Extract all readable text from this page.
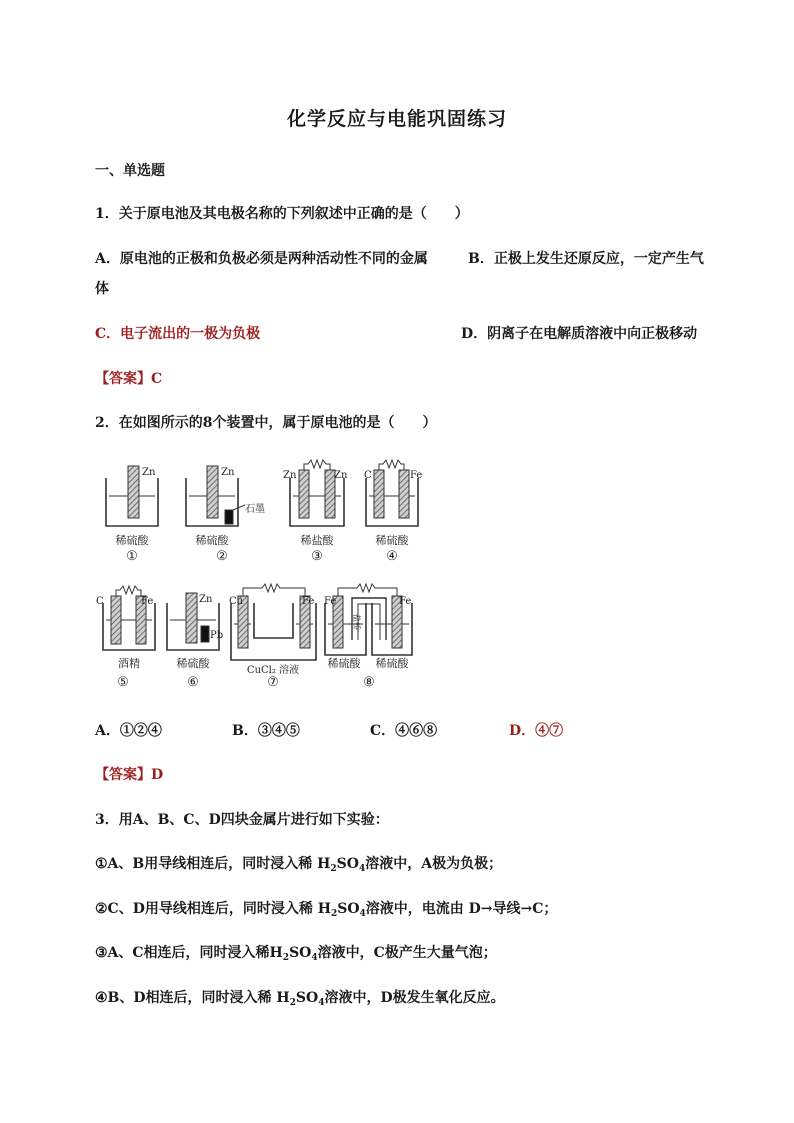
化学反应与电能巩固练习
一、单选题
1．关于原电池及其电极名称的下列叙述中正确的是（　　）
A．原电池的正极和负极必须是两种活动性不同的金属	B．正极上发生还原反应，一定产生气
体
C．电子流出的一极为负极	D．阴离子在电解质溶液中向正极移动
【答案】C
2．在如图所示的8个装置中，属于原电池的是（　　）
Zn	Zn
石墨
Zn	Zn C	Fe
C	Fe	Zn
Pb
Cu	Fe Fe	Fe
盐桥
稀硫酸	稀硫酸	稀盐酸	稀硫酸
酒精	稀硫酸
CuCl₂ 溶液
稀硫酸 稀硫酸
①	②	③	④
⑤	⑥	⑦	⑧
A．①②④	B．③④⑤	C．④⑥⑧	D．④⑦
【答案】D
3．用A、B、C、D四块金属片进行如下实验：
①A、B用导线相连后，同时浸入稀 $H_2SO_4$溶液中，A极为负极；
②C、D用导线相连后，同时浸入稀 $H_2SO_4$溶液中，电流由 D→导线→C；
③A、C相连后，同时浸入稀$H_2SO_4$溶液中，C极产生大量气泡；
④B、D相连后，同时浸入稀 $H_2SO_4$溶液中，D极发生氧化反应。
